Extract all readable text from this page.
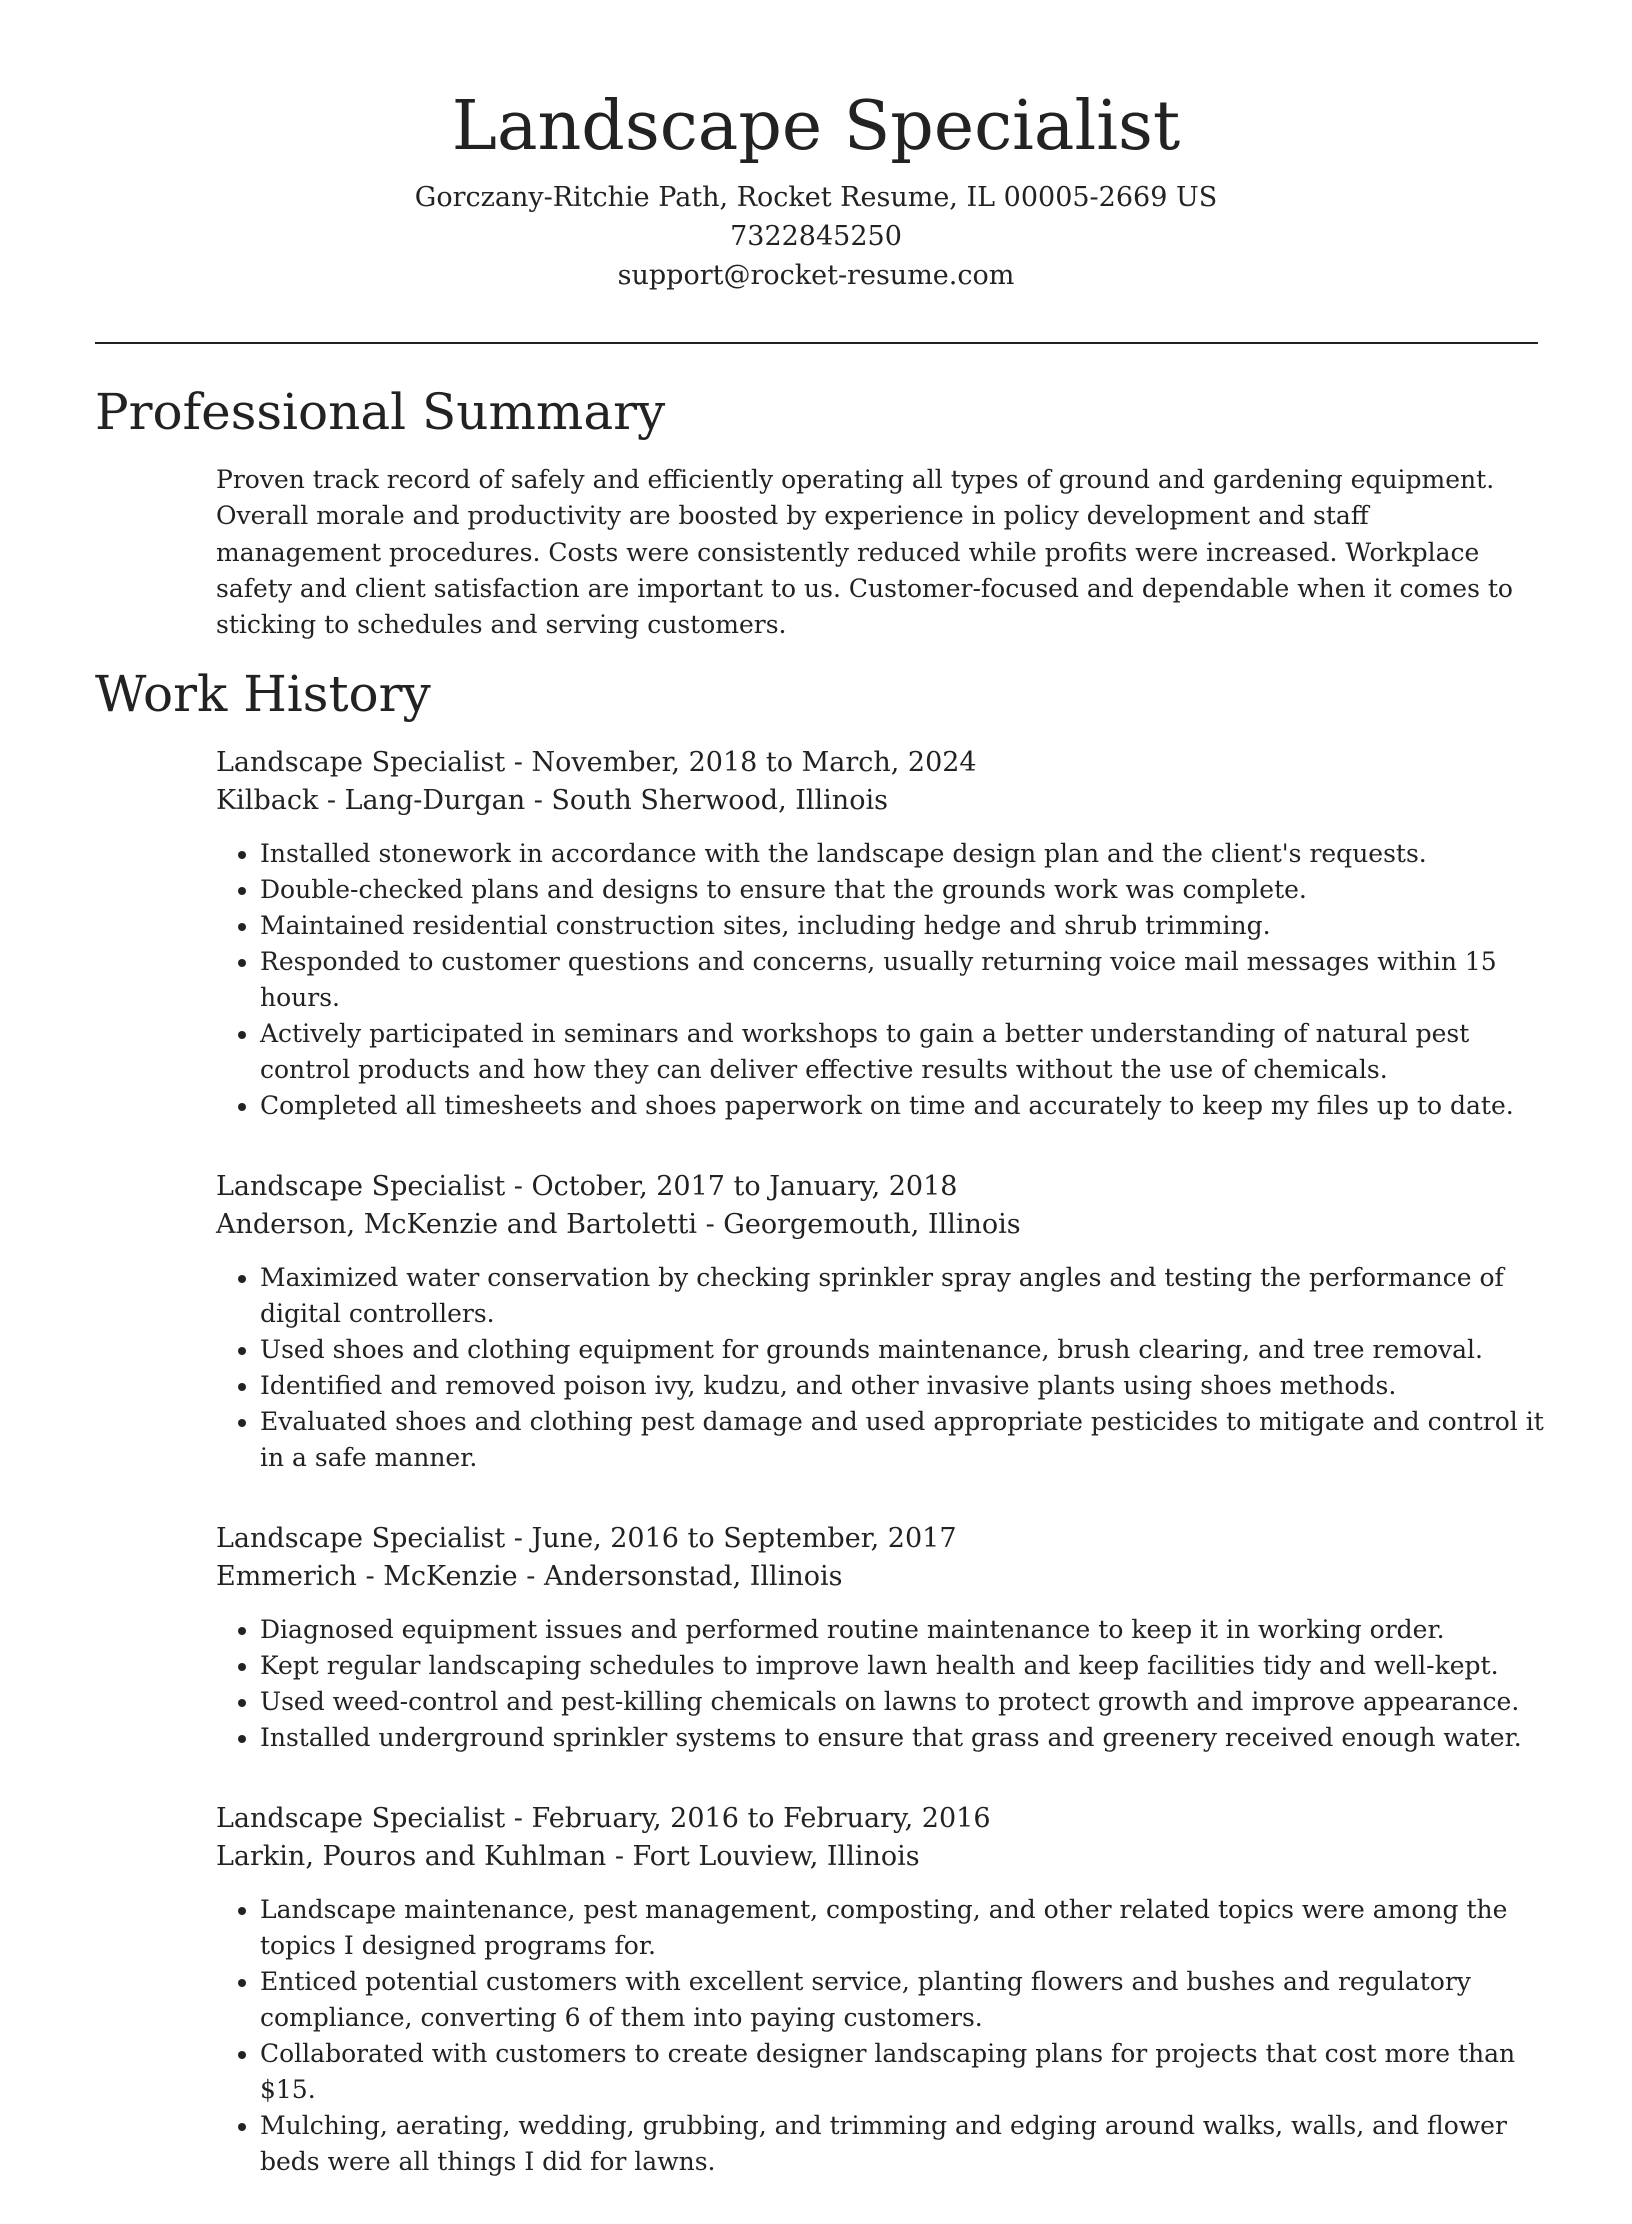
Landscape Specialist

Gorczany-Ritchie Path, Rocket Resume, IL 00005-2669 US

7322845250

support@rocket-resume.com

Professional Summary

Proven track record of safely and efficiently operating all types of ground and gardening equipment. Overall morale and productivity are boosted by experience in policy development and staff management procedures. Costs were consistently reduced while profits were increased. Workplace safety and client satisfaction are important to us. Customer-focused and dependable when it comes to sticking to schedules and serving customers.

Work History

Landscape Specialist - November, 2018 to March, 2024

Kilback - Lang-Durgan - South Sherwood, Illinois

• Installed stonework in accordance with the landscape design plan and the client's requests.
• Double-checked plans and designs to ensure that the grounds work was complete.
• Maintained residential construction sites, including hedge and shrub trimming.
• Responded to customer questions and concerns, usually returning voice mail messages within 15 hours.
• Actively participated in seminars and workshops to gain a better understanding of natural pest control products and how they can deliver effective results without the use of chemicals.
• Completed all timesheets and shoes paperwork on time and accurately to keep my files up to date.

Landscape Specialist - October, 2017 to January, 2018

Anderson, McKenzie and Bartoletti - Georgemouth, Illinois

• Maximized water conservation by checking sprinkler spray angles and testing the performance of digital controllers.
• Used shoes and clothing equipment for grounds maintenance, brush clearing, and tree removal.
• Identified and removed poison ivy, kudzu, and other invasive plants using shoes methods.
• Evaluated shoes and clothing pest damage and used appropriate pesticides to mitigate and control it in a safe manner.

Landscape Specialist - June, 2016 to September, 2017

Emmerich - McKenzie - Andersonstad, Illinois

• Diagnosed equipment issues and performed routine maintenance to keep it in working order.
• Kept regular landscaping schedules to improve lawn health and keep facilities tidy and well-kept.
• Used weed-control and pest-killing chemicals on lawns to protect growth and improve appearance.
• Installed underground sprinkler systems to ensure that grass and greenery received enough water.

Landscape Specialist - February, 2016 to February, 2016

Larkin, Pouros and Kuhlman - Fort Louview, Illinois

• Landscape maintenance, pest management, composting, and other related topics were among the topics I designed programs for.
• Enticed potential customers with excellent service, planting flowers and bushes and regulatory compliance, converting 6 of them into paying customers.
• Collaborated with customers to create designer landscaping plans for projects that cost more than $15.
• Mulching, aerating, wedding, grubbing, and trimming and edging around walks, walls, and flower beds were all things I did for lawns.
